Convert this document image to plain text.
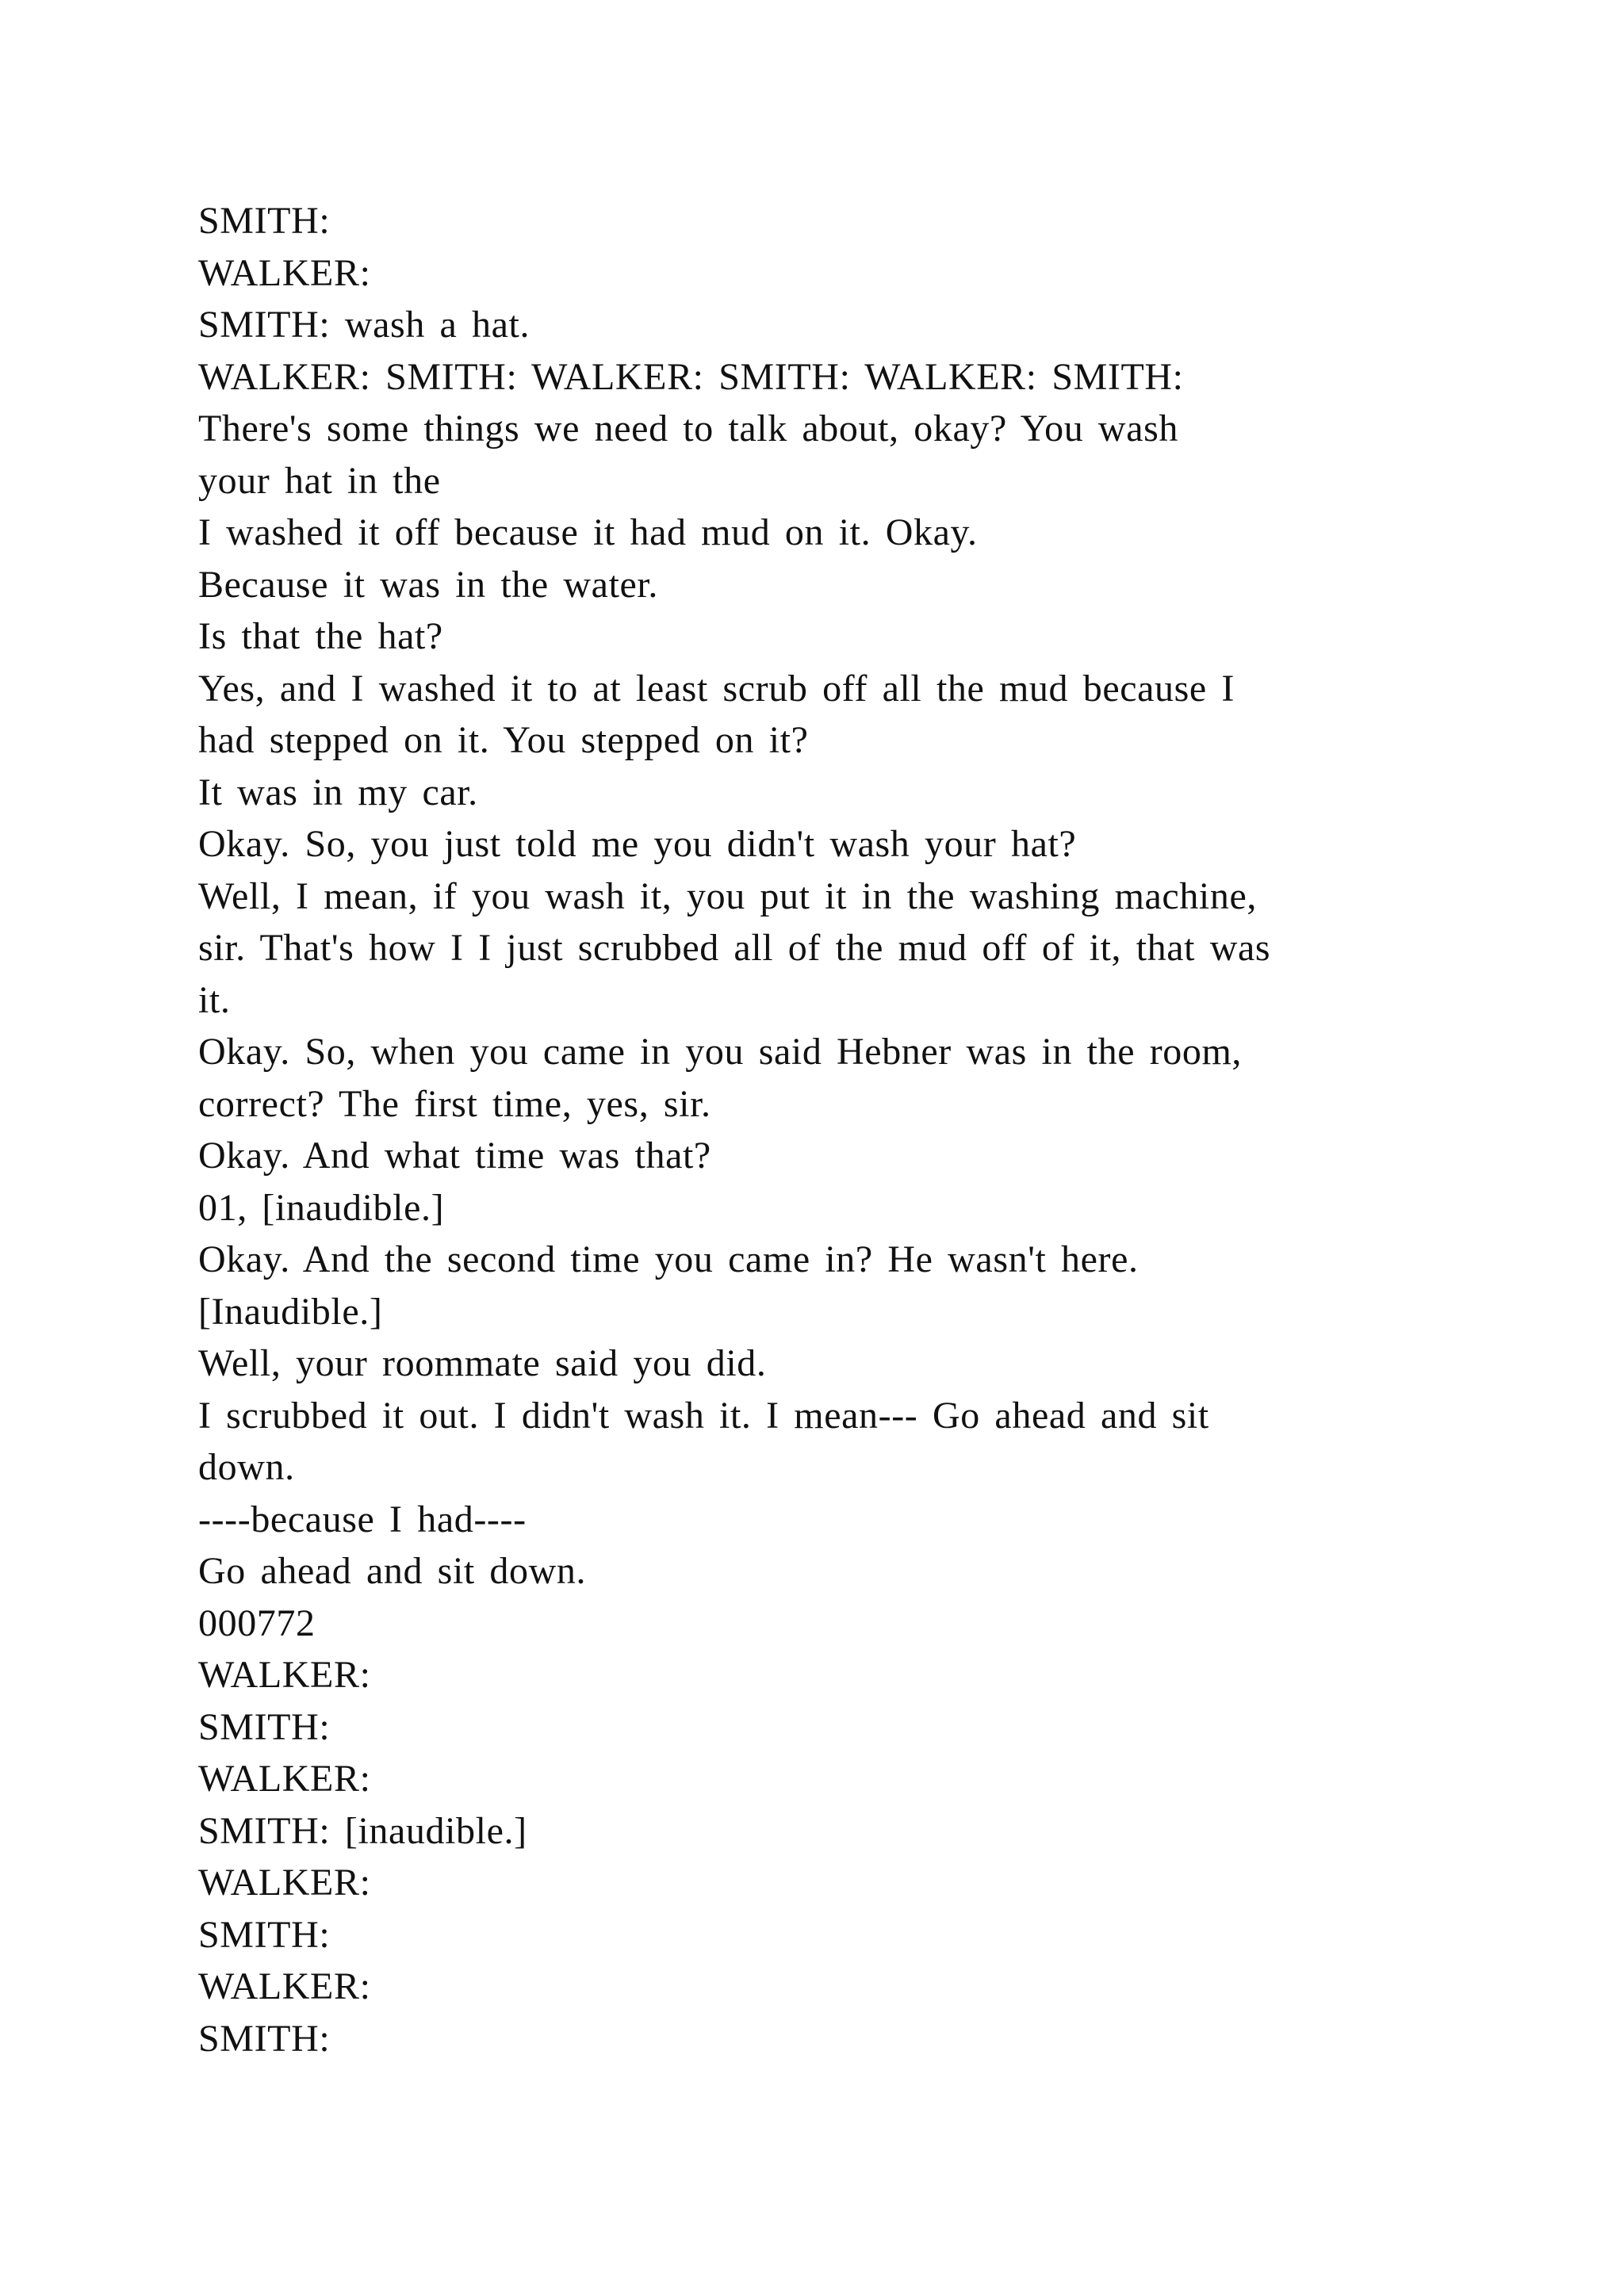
SMITH:
WALKER:
SMITH: wash a hat.
WALKER: SMITH: WALKER: SMITH: WALKER: SMITH:
There's some things we need to talk about, okay? You wash
your hat in the
I washed it off because it had mud on it. Okay.
Because it was in the water.
Is that the hat?
Yes, and I washed it to at least scrub off all the mud because I
had stepped on it. You stepped on it?
It was in my car.
Okay. So, you just told me you didn't wash your hat?
Well, I mean, if you wash it, you put it in the washing machine,
sir. That's how I I just scrubbed all of the mud off of it, that was
it.
Okay. So, when you came in you said Hebner was in the room,
correct? The first time, yes, sir.
Okay. And what time was that?
01, [inaudible.]
Okay. And the second time you came in? He wasn't here.
[Inaudible.]
Well, your roommate said you did.
I scrubbed it out. I didn't wash it. I mean--- Go ahead and sit
down.
----because I had----
Go ahead and sit down.
000772
WALKER:
SMITH:
WALKER:
SMITH: [inaudible.]
WALKER:
SMITH:
WALKER:
SMITH:
